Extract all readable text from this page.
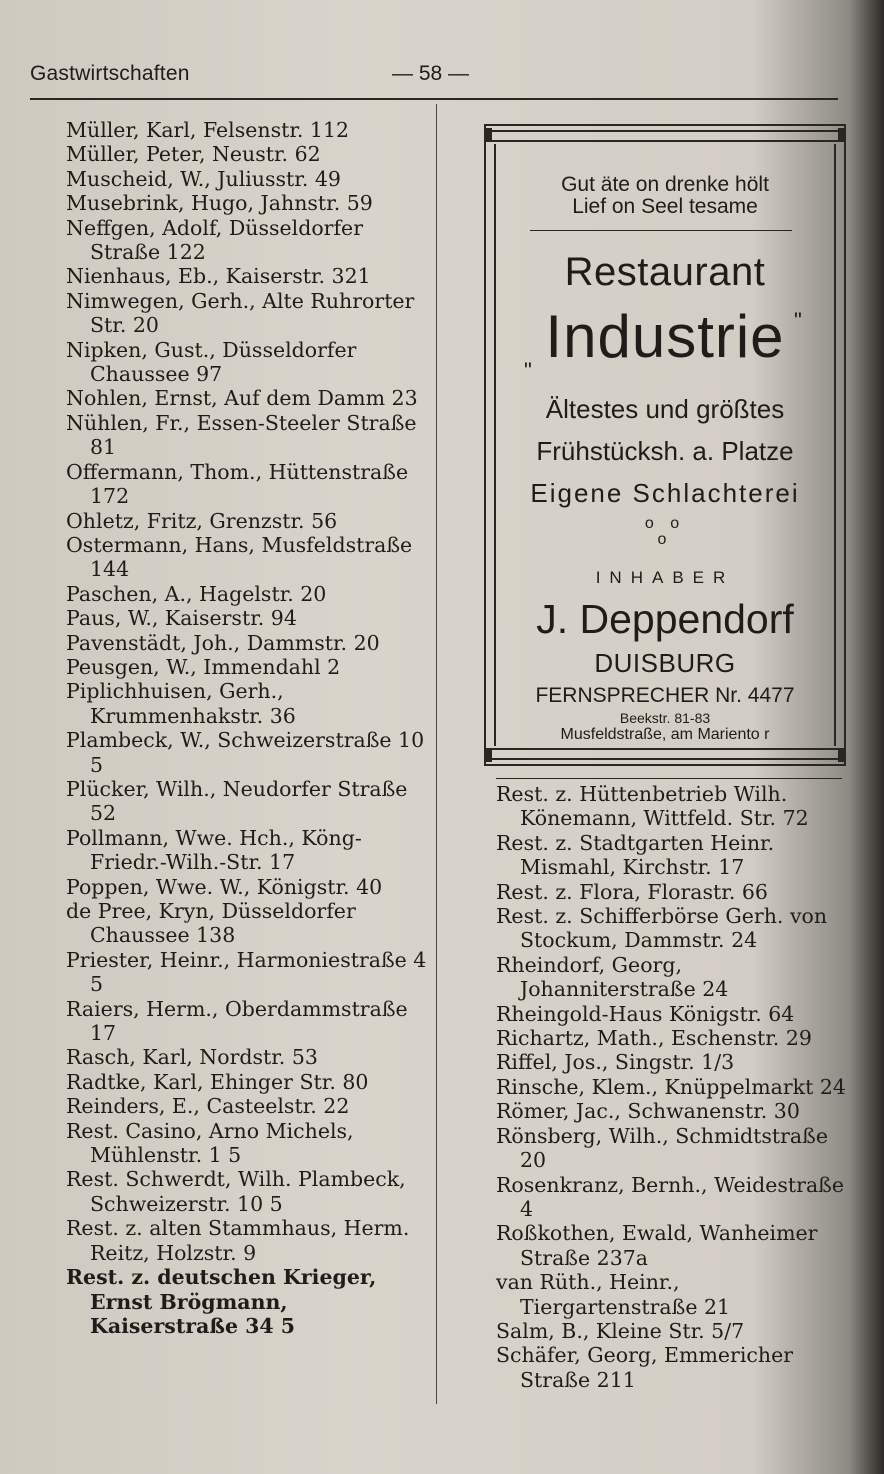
Gastwirtschaften	— 58 —

Müller, Karl, Felsenstr. 112

Müller, Peter, Neustr. 62

Muscheid, W., Juliusstr. 49

Musebrink, Hugo, Jahnstr. 59

Neffgen, Adolf, Düsseldorfer Straße 122

Nienhaus, Eb., Kaiserstr. 321

Nimwegen, Gerh., Alte Ruhrorter Str. 20

Nipken, Gust., Düsseldorfer Chaussee 97

Nohlen, Ernst, Auf dem Damm 23

Nühlen, Fr., Essen-Steeler Straße 81

Offermann, Thom., Hüttenstraße 172

Ohletz, Fritz, Grenzstr. 56

Ostermann, Hans, Musfeldstraße 144

Paschen, A., Hagelstr. 20

Paus, W., Kaiserstr. 94

Pavenstädt, Joh., Dammstr. 20

Peusgen, W., Immendahl 2

Piplichhuisen, Gerh., Krummenhakstr. 36

Plambeck, W., Schweizerstraße 10 5

Plücker, Wilh., Neudorfer Straße 52

Pollmann, Wwe. Hch., Köng-Friedr.-Wilh.-Str. 17

Poppen, Wwe. W., Königstr. 40

de Pree, Kryn, Düsseldorfer Chaussee 138

Priester, Heinr., Harmoniestraße 4 5

Raiers, Herm., Oberdammstraße 17

Rasch, Karl, Nordstr. 53

Radtke, Karl, Ehinger Str. 80

Reinders, E., Casteelstr. 22

Rest. Casino, Arno Michels, Mühlenstr. 1 5

Rest. Schwerdt, Wilh. Plambeck, Schweizerstr. 10 5

Rest. z. alten Stammhaus, Herm. Reitz, Holzstr. 9

Rest. z. deutschen Krieger, Ernst Brögmann, Kaiserstraße 34 5

Gut äte on drenke hölt
Lief on Seel tesame
Restaurant
Industrie
"
"
Ältestes und größtes
Frühstücksh. a. Platze
Eigene Schlachterei
o o
o
INHABER
J. Deppendorf
DUISBURG
FERNSPRECHER Nr. 4477
Beekstr. 81-83
Musfeldstraße, am Mariento r

Rest. z. Hüttenbetrieb Wilh. Könemann, Wittfeld. Str. 72

Rest. z. Stadtgarten Heinr. Mismahl, Kirchstr. 17

Rest. z. Flora, Florastr. 66

Rest. z. Schifferbörse Gerh. von Stockum, Dammstr. 24

Rheindorf, Georg, Johanniterstraße 24

Rheingold-Haus Königstr. 64

Richartz, Math., Eschenstr. 29

Riffel, Jos., Singstr. 1/3

Rinsche, Klem., Knüppelmarkt 24

Römer, Jac., Schwanenstr. 30

Rönsberg, Wilh., Schmidtstraße 20

Rosenkranz, Bernh., Weidestraße 4

Roßkothen, Ewald, Wanheimer Straße 237a

van Rüth., Heinr., Tiergartenstraße 21

Salm, B., Kleine Str. 5/7

Schäfer, Georg, Emmericher Straße 211
